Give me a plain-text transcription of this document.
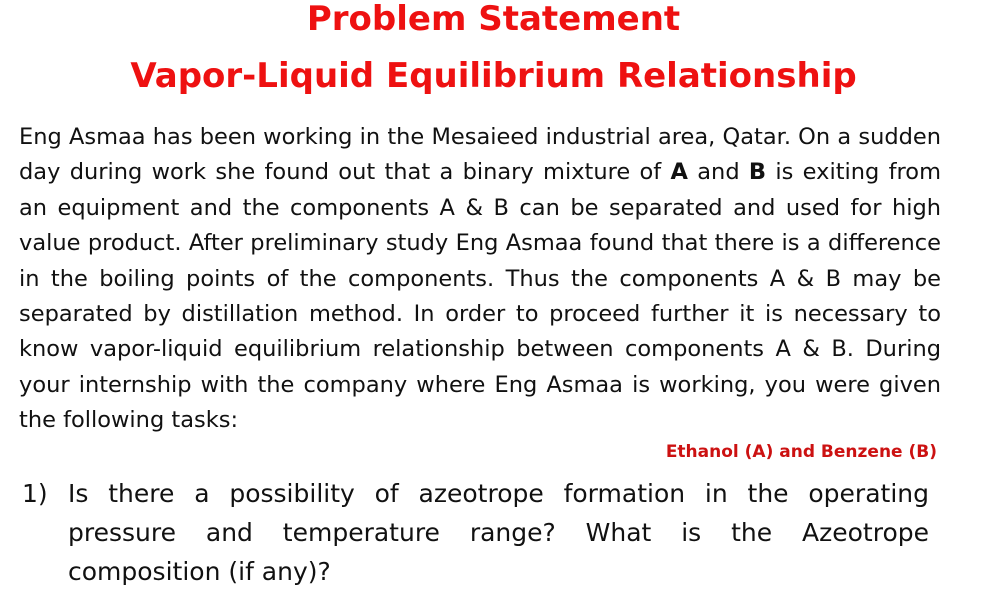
Problem Statement
Vapor-Liquid Equilibrium Relationship

Eng Asmaa has been working in the Mesaieed industrial area, Qatar. On a sudden day during work she found out that a binary mixture of A and B is exiting from an equipment and the components A & B can be separated and used for high value product. After preliminary study Eng Asmaa found that there is a difference in the boiling points of the components. Thus the components A & B may be separated by distillation method. In order to proceed further it is necessary to know vapor-liquid equilibrium relationship between components A & B. During your internship with the company where Eng Asmaa is working, you were given the following tasks:

Ethanol (A) and Benzene (B)
1) Is there a possibility of azeotrope formation in the operating pressure and temperature range? What is the Azeotrope composition (if any)?
